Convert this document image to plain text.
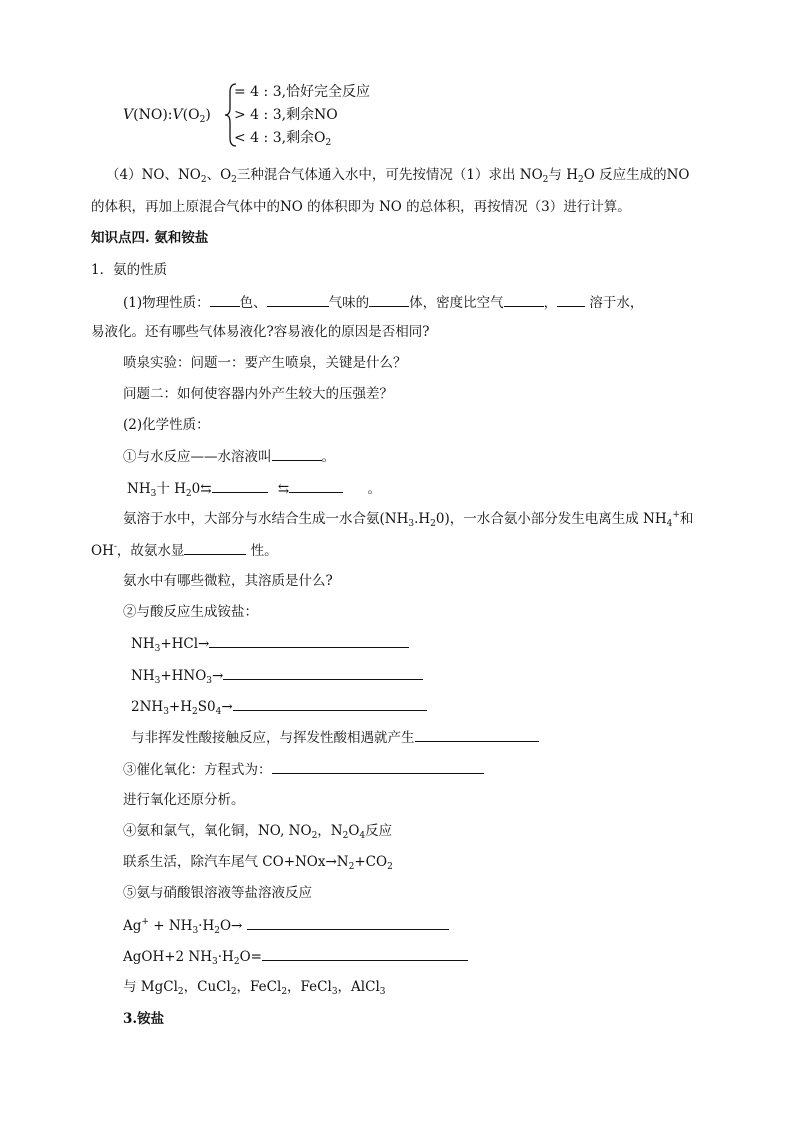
$V(NO):V(O_2)$
= 4 : 3,恰好完全反应
> 4 : 3,剩余NO
< 4 : 3,剩余$O_2$
（4）NO、$NO_2$、$O_2$三种混合气体通入水中，可先按情况（1）求出 $NO_2$与 $H_2O$ 反应生成的NO
的体积，再加上原混合气体中的NO 的体积即为 NO 的总体积，再按情况（3）进行计算。
知识点四. 氨和铵盐
1．氨的性质
(1)物理性质： 色、	气味的	体，密度比空气	， 溶于水，
易液化。还有哪些气体易液化?容易液化的原因是否相同?
喷泉实验：问题一：要产生喷泉，关键是什么？
问题二：如何使容器内外产生较大的压强差？
(2)化学性质：
①与水反应——水溶液叫	。
$NH_3$十 $H_20⇆$	⇆	。
氨溶于水中，大部分与水结合生成一水合氨$(NH_3.H_20)$，一水合氨小部分发生电离生成 $NH_4^+$和
OH-，故氨水显	性。
氨水中有哪些微粒，其溶质是什么?
②与酸反应生成铵盐：
$NH_3+HCl\to$
$NH_3+HNO_3\to$
$2NH_3+H_2S0_4\to$
与非挥发性酸接触反应，与挥发性酸相遇就产生
③催化氧化：方程式为：
进行氧化还原分析。
④氨和氯气，氧化铜，NO, $NO_2$，$N_2O_4$反应
联系生活，除汽车尾气 $CO+NOx\to N_2+CO_2$
⑤氨与硝酸银溶液等盐溶液反应
$Ag^+ + NH_3\cdot H_2O\to$
AgOH+2 $NH_3\cdot H_2O=$
与 MgCl$_2$，CuCl$_2$，FeCl$_2$，FeCl$_3$，AlCl$_3$
3.铵盐
